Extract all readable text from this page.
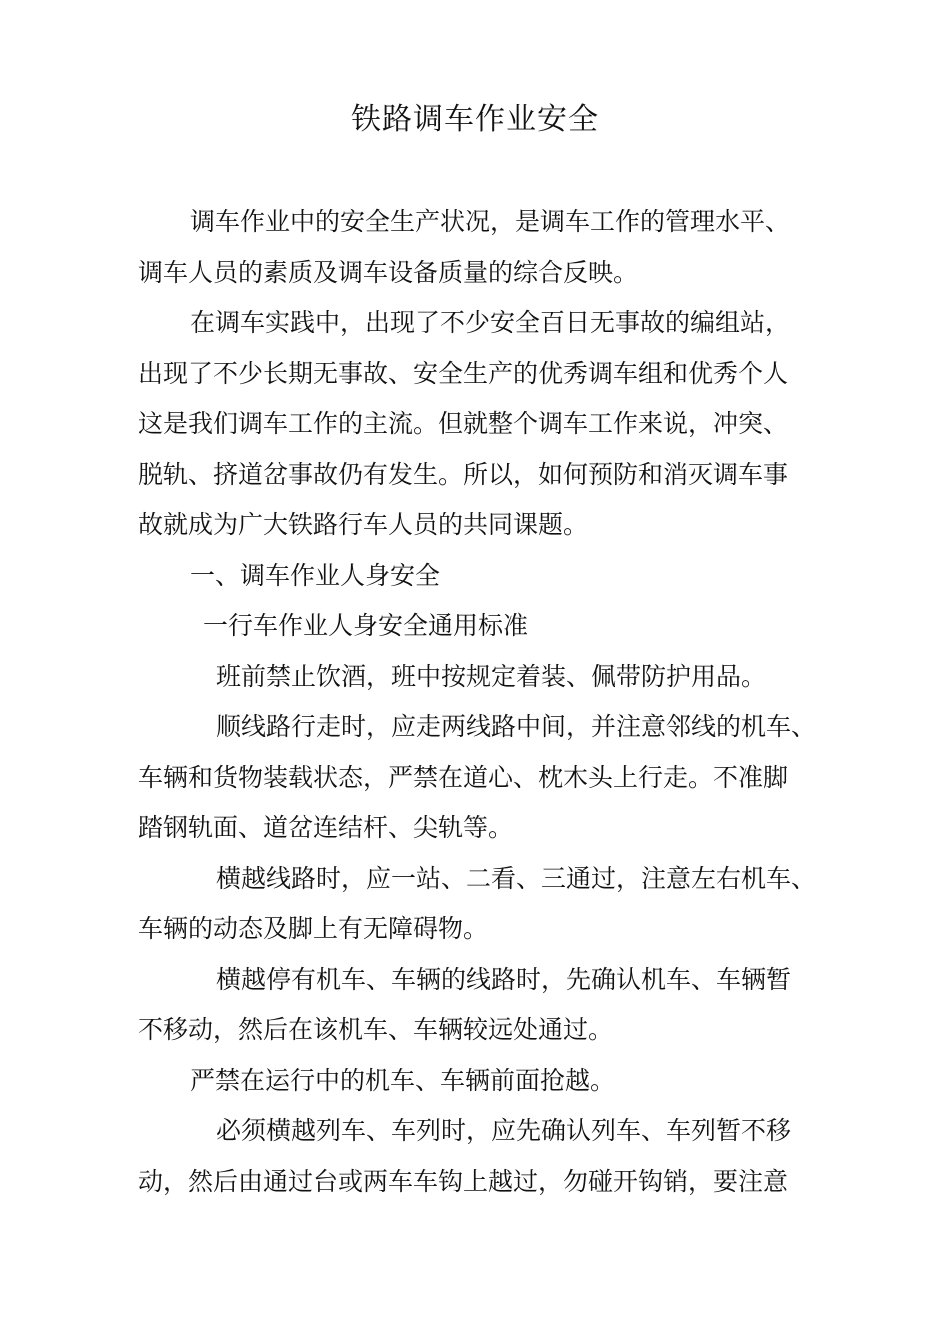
铁路调车作业安全

调车作业中的安全生产状况，是调车工作的管理水平、
调车人员的素质及调车设备质量的综合反映。

在调车实践中，出现了不少安全百日无事故的编组站，
出现了不少长期无事故、安全生产的优秀调车组和优秀个人
这是我们调车工作的主流。但就整个调车工作来说，冲突、
脱轨、挤道岔事故仍有发生。所以，如何预防和消灭调车事
故就成为广大铁路行车人员的共同课题。

一、调车作业人身安全

一行车作业人身安全通用标准

班前禁止饮酒，班中按规定着装、佩带防护用品。

顺线路行走时，应走两线路中间，并注意邻线的机车、
车辆和货物装载状态，严禁在道心、枕木头上行走。不准脚
踏钢轨面、道岔连结杆、尖轨等。

横越线路时，应一站、二看、三通过，注意左右机车、
车辆的动态及脚上有无障碍物。

横越停有机车、车辆的线路时，先确认机车、车辆暂
不移动，然后在该机车、车辆较远处通过。

严禁在运行中的机车、车辆前面抢越。

必须横越列车、车列时，应先确认列车、车列暂不移
动，然后由通过台或两车车钩上越过，勿碰开钩销，要注意
